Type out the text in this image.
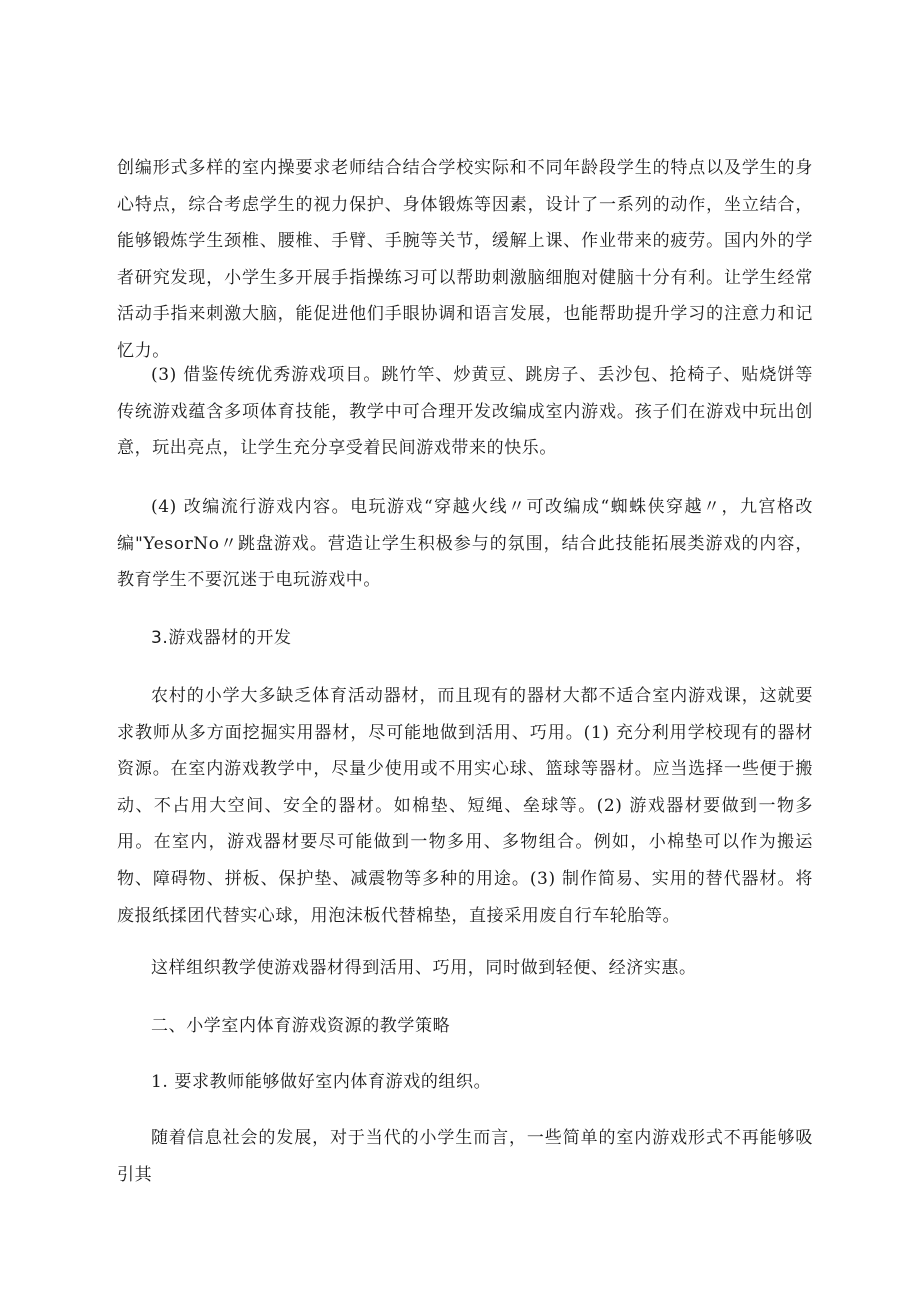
创编形式多样的室内操要求老师结合结合学校实际和不同年龄段学生的特点以及学生的身心特点，综合考虑学生的视力保护、身体锻炼等因素，设计了一系列的动作，坐立结合，能够锻炼学生颈椎、腰椎、手臂、手腕等关节，缓解上课、作业带来的疲劳。国内外的学者研究发现，小学生多开展手指操练习可以帮助刺激脑细胞对健脑十分有利。让学生经常活动手指来刺激大脑，能促进他们手眼协调和语言发展，也能帮助提升学习的注意力和记忆力。

(3) 借鉴传统优秀游戏项目。跳竹竿、炒黄豆、跳房子、丢沙包、抢椅子、贴烧饼等传统游戏蕴含多项体育技能，教学中可合理开发改编成室内游戏。孩子们在游戏中玩出创意，玩出亮点，让学生充分享受着民间游戏带来的快乐。

(4) 改编流行游戏内容。电玩游戏“穿越火线〃可改编成“蜘蛛侠穿越〃，九宫格改编"YesorNo〃跳盘游戏。营造让学生积极参与的氛围，结合此技能拓展类游戏的内容，教育学生不要沉迷于电玩游戏中。

3.游戏器材的开发

农村的小学大多缺乏体育活动器材，而且现有的器材大都不适合室内游戏课，这就要求教师从多方面挖掘实用器材，尽可能地做到活用、巧用。(1) 充分利用学校现有的器材资源。在室内游戏教学中，尽量少使用或不用实心球、篮球等器材。应当选择一些便于搬动、不占用大空间、安全的器材。如棉垫、短绳、垒球等。(2) 游戏器材要做到一物多用。在室内，游戏器材要尽可能做到一物多用、多物组合。例如，小棉垫可以作为搬运物、障碍物、拼板、保护垫、减震物等多种的用途。(3) 制作简易、实用的替代器材。将废报纸揉团代替实心球，用泡沫板代替棉垫，直接采用废自行车轮胎等。

这样组织教学使游戏器材得到活用、巧用，同时做到轻便、经济实惠。

二、小学室内体育游戏资源的教学策略

1. 要求教师能够做好室内体育游戏的组织。

随着信息社会的发展，对于当代的小学生而言，一些简单的室内游戏形式不再能够吸引其
